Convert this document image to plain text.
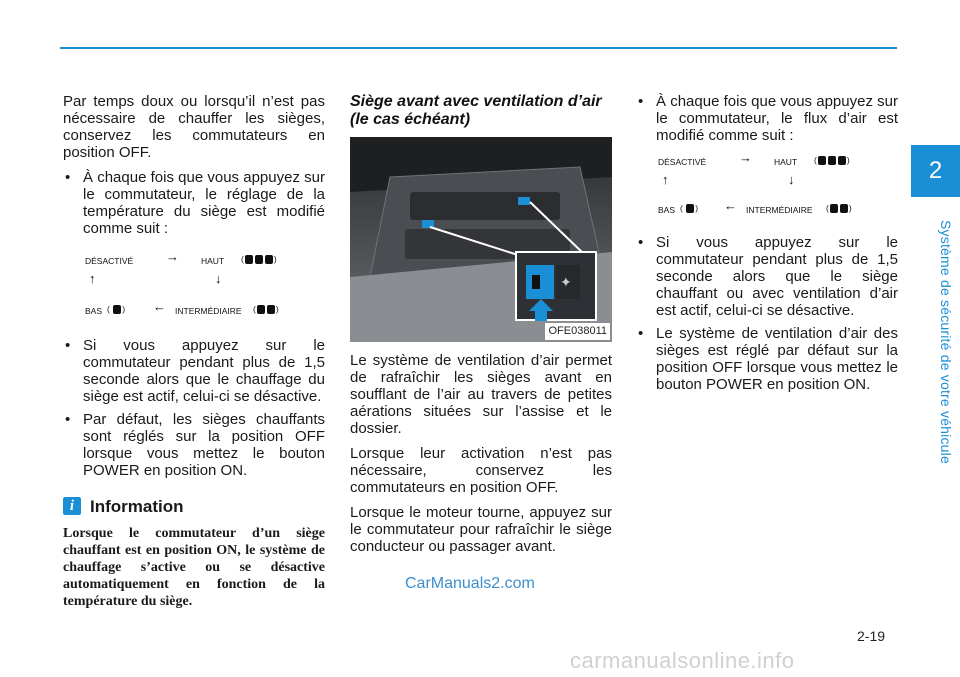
2
Système de sécurité de votre véhicule

Par temps doux ou lorsqu’il n’est pas nécessaire de chauffer les sièges, conservez les commutateurs en position OFF.

• À chaque fois que vous appuyez sur le commutateur, le réglage de la température du siège est modifié comme suit :
DÉSACTIVÉ	→	HAUT (	)
↑	↓
BAS ( ) ← INTERMÉDIAIRE ( )
• Si vous appuyez sur le commutateur pendant plus de 1,5 seconde alors que le chauffage du siège est actif, celui-ci se désactive.
• Par défaut, les sièges chauffants sont réglés sur la position OFF lorsque vous mettez le bouton POWER en position ON.
i Information

Lorsque le commutateur d’un siège chauffant est en position ON, le système de chauffage s’active ou se désactive automatiquement en fonction de la température du siège.

Siège avant avec ventilation d’air (le cas échéant)
✦
OFE038011

Le système de ventilation d’air permet de rafraîchir les sièges avant en soufflant de l’air au travers de petites aérations situées sur l’assise et le dossier.

Lorsque leur activation n’est pas nécessaire, conservez les commutateurs en position OFF.

Lorsque le moteur tourne, appuyez sur le commutateur pour rafraîchir le siège conducteur ou passager avant.

• À chaque fois que vous appuyez sur le commutateur, le flux d’air est modifié comme suit :
DÉSACTIVÉ	→	HAUT (	)
↑	↓
BAS ( ) ← INTERMÉDIAIRE ( )
• Si vous appuyez sur le commutateur pendant plus de 1,5 seconde alors que le siège chauffant ou avec ventilation d’air est actif, celui-ci se désactive.
• Le système de ventilation d’air des sièges est réglé par défaut sur la position OFF lorsque vous mettez le bouton POWER en position ON.
CarManuals2.com
2-19
carmanualsonline.info
